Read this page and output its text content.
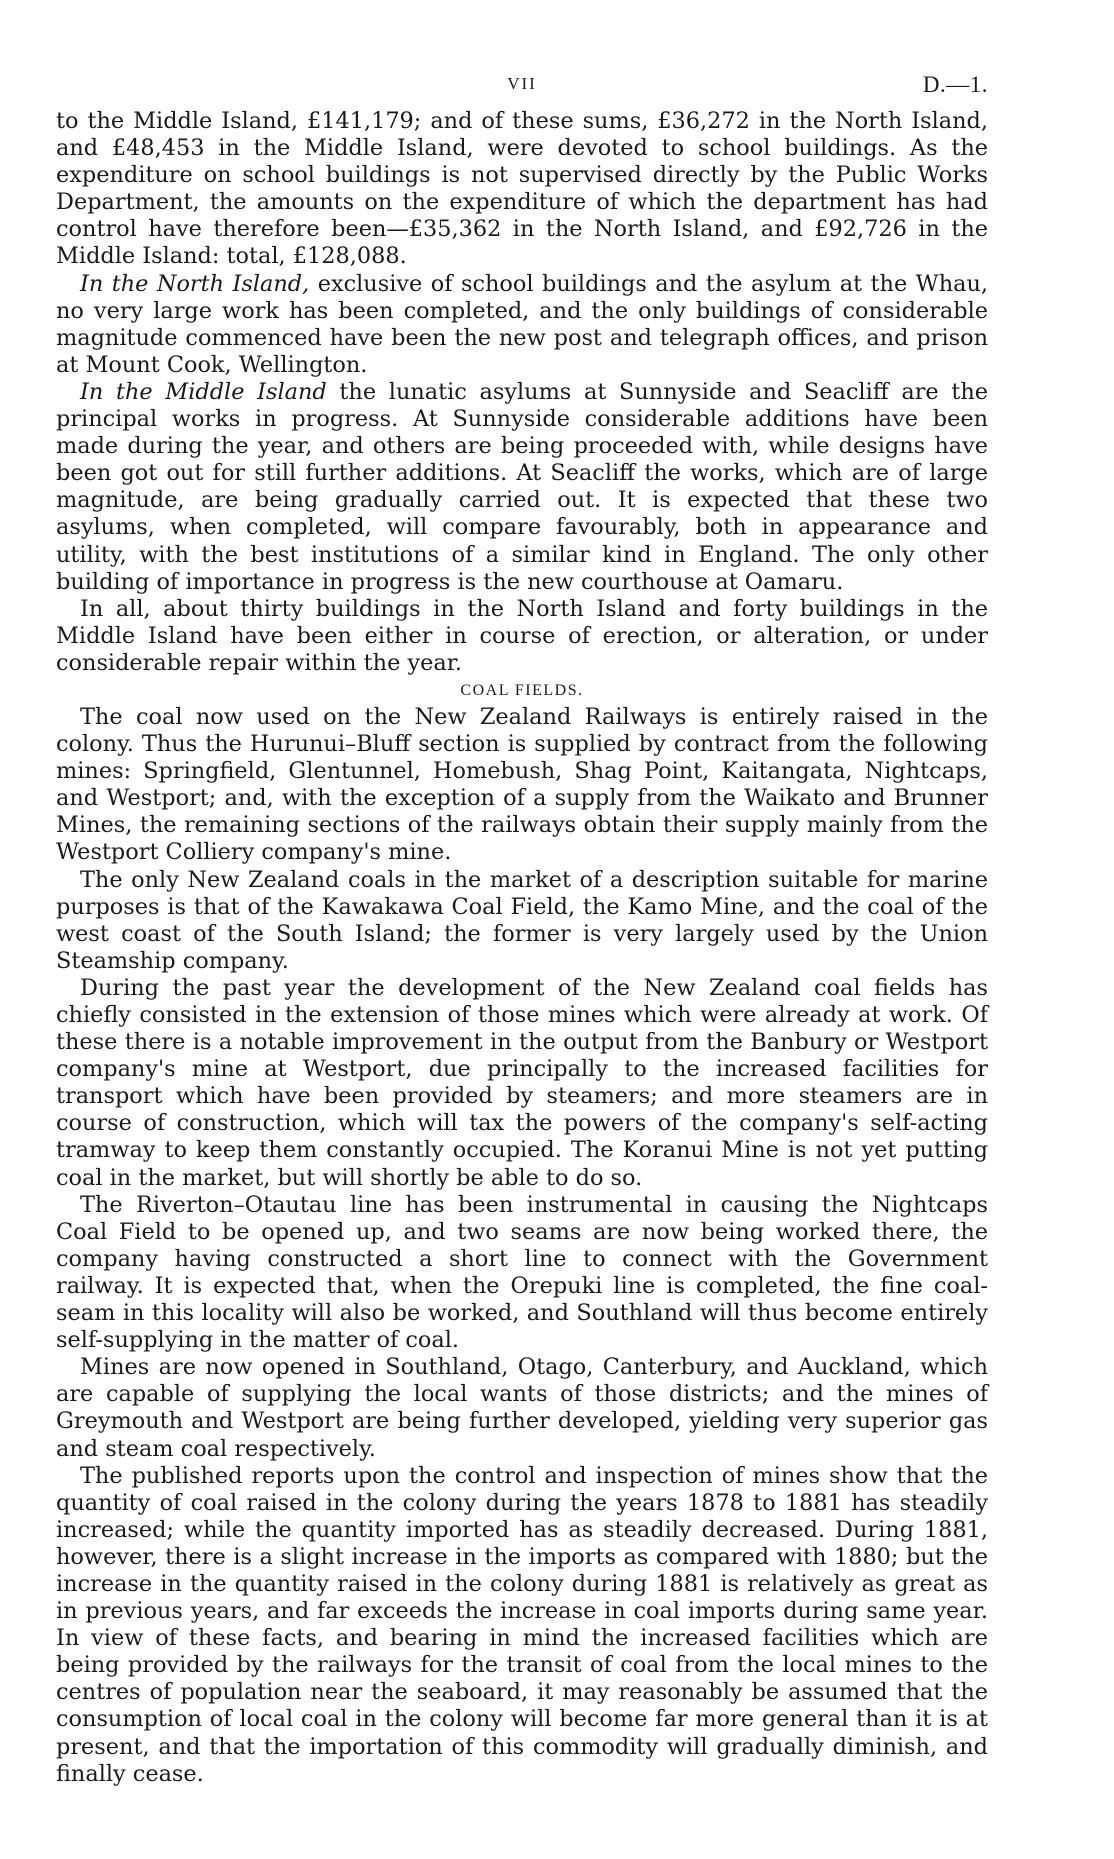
VII	D.—1.

to the Middle Island, £141,179; and of these sums, £36,272 in the North Island, and £48,453 in the Middle Island, were devoted to school buildings. As the expenditure on school buildings is not supervised directly by the Public Works Department, the amounts on the expenditure of which the department has had control have therefore been—£35,362 in the North Island, and £92,726 in the Middle Island: total, £128,088.

In the North Island, exclusive of school buildings and the asylum at the Whau, no very large work has been completed, and the only buildings of considerable magnitude commenced have been the new post and telegraph offices, and prison at Mount Cook, Wellington.

In the Middle Island the lunatic asylums at Sunnyside and Seacliff are the principal works in progress. At Sunnyside considerable additions have been made during the year, and others are being proceeded with, while designs have been got out for still further additions. At Seacliff the works, which are of large magnitude, are being gradually carried out. It is expected that these two asylums, when completed, will compare favourably, both in appearance and utility, with the best institutions of a similar kind in England. The only other building of importance in progress is the new courthouse at Oamaru.

In all, about thirty buildings in the North Island and forty buildings in the Middle Island have been either in course of erection, or alteration, or under considerable repair within the year.

COAL FIELDS.

The coal now used on the New Zealand Railways is entirely raised in the colony. Thus the Hurunui–Bluff section is supplied by contract from the following mines: Springfield, Glentunnel, Homebush, Shag Point, Kaitangata, Nightcaps, and Westport; and, with the exception of a supply from the Waikato and Brunner Mines, the remaining sections of the railways obtain their supply mainly from the Westport Colliery company's mine.

The only New Zealand coals in the market of a description suitable for marine purposes is that of the Kawakawa Coal Field, the Kamo Mine, and the coal of the west coast of the South Island; the former is very largely used by the Union Steamship company.

During the past year the development of the New Zealand coal fields has chiefly consisted in the extension of those mines which were already at work. Of these there is a notable improvement in the output from the Banbury or Westport company's mine at Westport, due principally to the increased facilities for transport which have been provided by steamers; and more steamers are in course of construction, which will tax the powers of the company's self-acting tramway to keep them constantly occupied. The Koranui Mine is not yet putting coal in the market, but will shortly be able to do so.

The Riverton–Otautau line has been instrumental in causing the Nightcaps Coal Field to be opened up, and two seams are now being worked there, the company having constructed a short line to connect with the Government railway. It is expected that, when the Orepuki line is completed, the fine coal-seam in this locality will also be worked, and Southland will thus become entirely self-supplying in the matter of coal.

Mines are now opened in Southland, Otago, Canterbury, and Auckland, which are capable of supplying the local wants of those districts; and the mines of Greymouth and Westport are being further developed, yielding very superior gas and steam coal respectively.

The published reports upon the control and inspection of mines show that the quantity of coal raised in the colony during the years 1878 to 1881 has steadily increased; while the quantity imported has as steadily decreased. During 1881, however, there is a slight increase in the imports as compared with 1880; but the increase in the quantity raised in the colony during 1881 is relatively as great as in previous years, and far exceeds the increase in coal imports during same year. In view of these facts, and bearing in mind the increased facilities which are being provided by the railways for the transit of coal from the local mines to the centres of population near the seaboard, it may reasonably be assumed that the consumption of local coal in the colony will become far more general than it is at present, and that the importation of this commodity will gradually diminish, and finally cease.
